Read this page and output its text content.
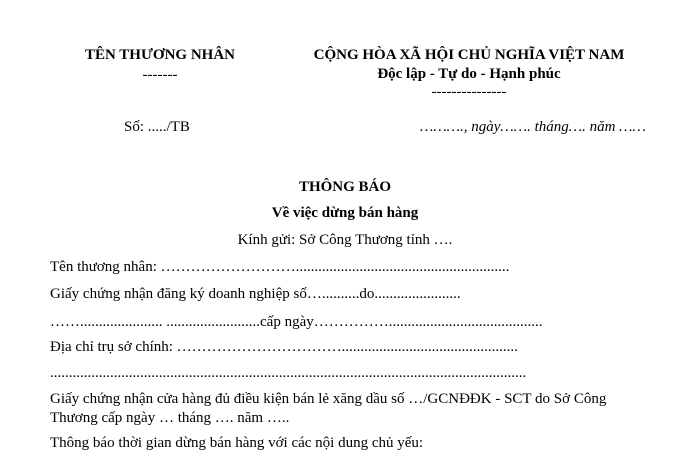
TÊN THƯƠNG NHÂN
-------
CỘNG HÒA XÃ HỘI CHỦ NGHĨA VIỆT NAM
Độc lập - Tự do - Hạnh phúc
---------------
Số: ...../TB	………., ngày……. tháng…. năm ……
THÔNG BÁO
Về việc dừng bán hàng
Kính gửi: Sở Công Thương tỉnh ….
Tên thương nhân: ……………………….........................................................
Giấy chứng nhận đăng ký doanh nghiệp số…..........do.......................
……...................... .........................cấp ngày…………….........................................
Địa chỉ trụ sở chính: ……………………………...............................................
...............................................................................................................................
Giấy chứng nhận cửa hàng đủ điều kiện bán lẻ xăng dầu số …/GCNĐĐK - SCT do Sở Công
Thương cấp ngày … tháng …. năm …..
Thông báo thời gian dừng bán hàng với các nội dung chủ yếu:
